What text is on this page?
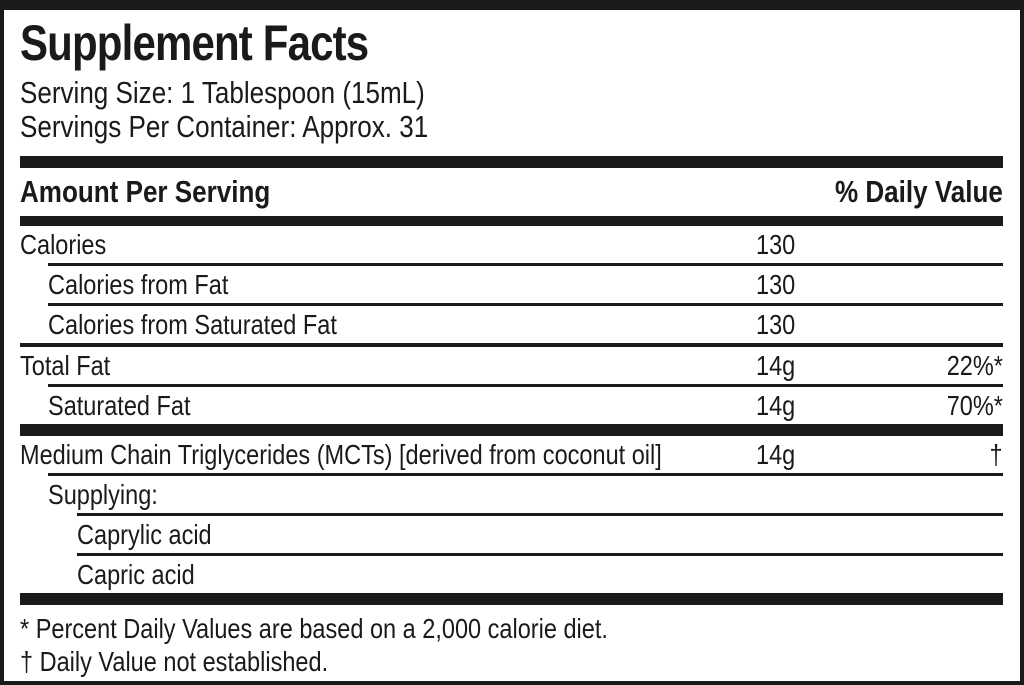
Supplement Facts
Serving Size: 1 Tablespoon (15mL)
Servings Per Container: Approx. 31
Amount Per Serving	% Daily Value
Calories	130
Calories from Fat	130
Calories from Saturated Fat	130
Total Fat	14g	22%*
Saturated Fat	14g	70%*
Medium Chain Triglycerides (MCTs) [derived from coconut oil]	14g	†
Supplying:
Caprylic acid
Capric acid
* Percent Daily Values are based on a 2,000 calorie diet.
† Daily Value not established.
